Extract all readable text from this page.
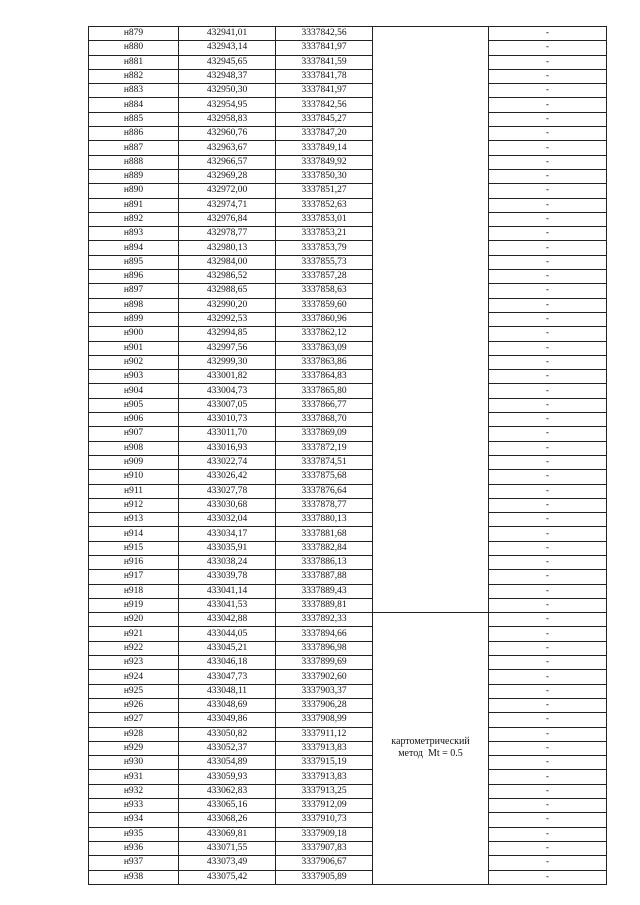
н879	432941,01	3337842,56		-
н880	432943,14	3337841,97		-
н881	432945,65	3337841,59		-
н882	432948,37	3337841,78		-
н883	432950,30	3337841,97		-
н884	432954,95	3337842,56		-
н885	432958,83	3337845,27		-
н886	432960,76	3337847,20		-
н887	432963,67	3337849,14		-
н888	432966,57	3337849,92		-
н889	432969,28	3337850,30		-
н890	432972,00	3337851,27		-
н891	432974,71	3337852,63		-
н892	432976,84	3337853,01		-
н893	432978,77	3337853,21		-
н894	432980,13	3337853,79		-
н895	432984,00	3337855,73		-
н896	432986,52	3337857,28		-
н897	432988,65	3337858,63		-
н898	432990,20	3337859,60		-
н899	432992,53	3337860,96		-
н900	432994,85	3337862,12		-
н901	432997,56	3337863,09		-
н902	432999,30	3337863,86		-
н903	433001,82	3337864,83		-
н904	433004,73	3337865,80		-
н905	433007,05	3337866,77		-
н906	433010,73	3337868,70		-
н907	433011,70	3337869,09		-
н908	433016,93	3337872,19		-
н909	433022,74	3337874,51		-
н910	433026,42	3337875,68		-
н911	433027,78	3337876,64		-
н912	433030,68	3337878,77		-
н913	433032,04	3337880,13		-
н914	433034,17	3337881,68		-
н915	433035,91	3337882,84		-
н916	433038,24	3337886,13		-
н917	433039,78	3337887,88		-
н918	433041,14	3337889,43		-
н919	433041,53	3337889,81		-
н920	433042,88	3337892,33	картометрический
метод  Mt = 0.5	-
н921	433044,05	3337894,66		-
н922	433045,21	3337896,98		-
н923	433046,18	3337899,69		-
н924	433047,73	3337902,60		-
н925	433048,11	3337903,37		-
н926	433048,69	3337906,28		-
н927	433049,86	3337908,99		-
н928	433050,82	3337911,12		-
н929	433052,37	3337913,83		-
н930	433054,89	3337915,19		-
н931	433059,93	3337913,83		-
н932	433062,83	3337913,25		-
н933	433065,16	3337912,09		-
н934	433068,26	3337910,73		-
н935	433069,81	3337909,18		-
н936	433071,55	3337907,83		-
н937	433073,49	3337906,67		-
н938	433075,42	3337905,89		-
